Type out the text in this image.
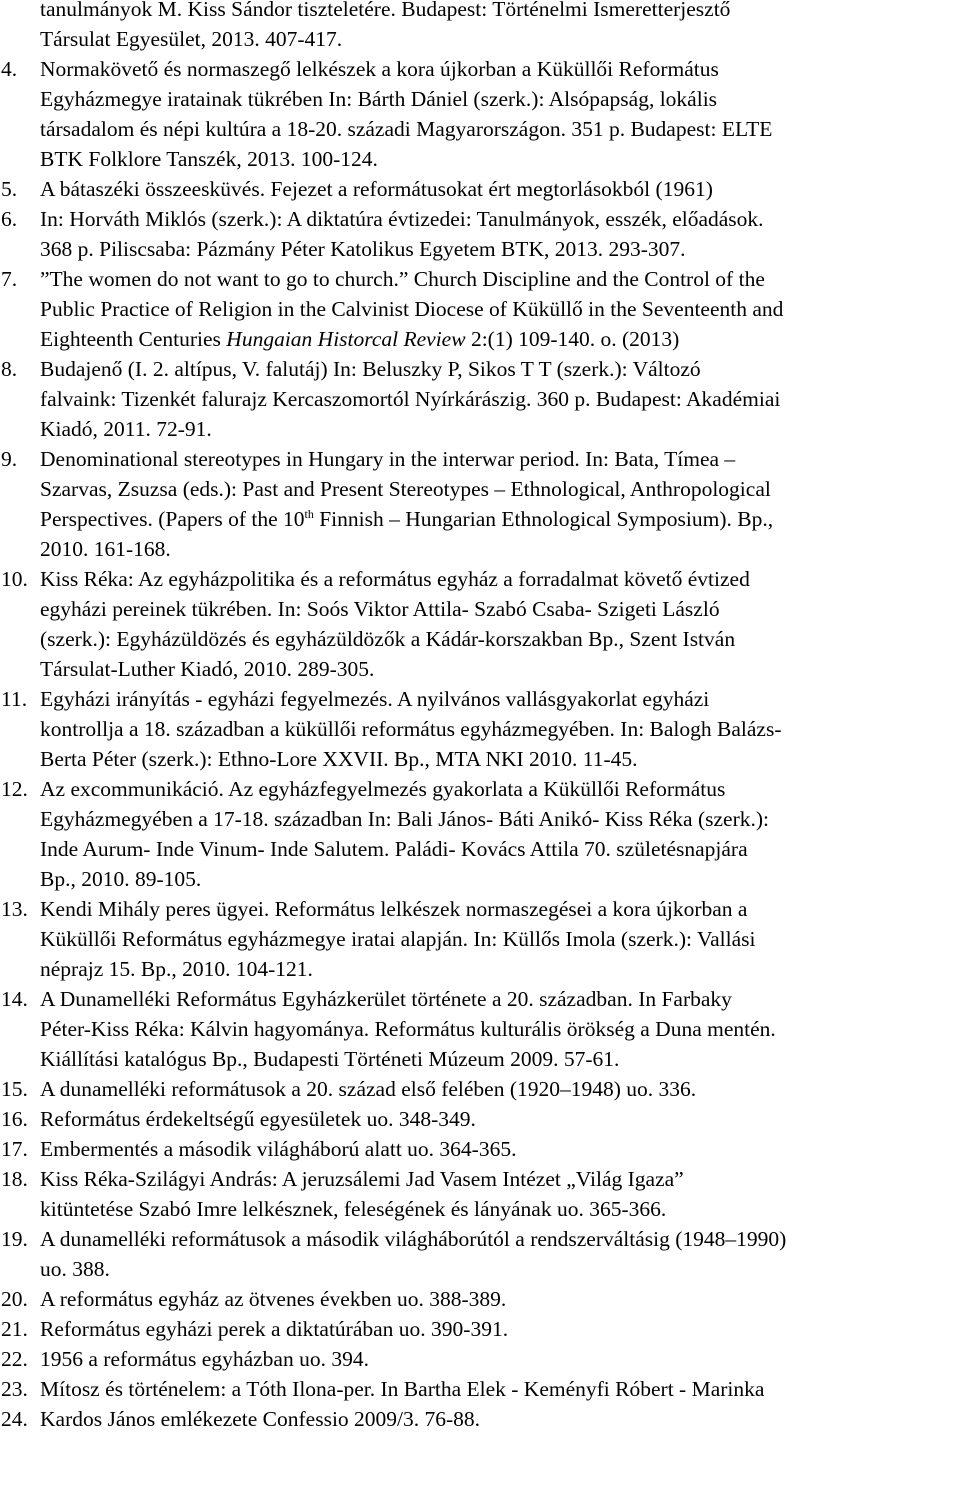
tanulmányok M. Kiss Sándor tiszteletére. Budapest: Történelmi Ismeretterjesztő
Társulat Egyesület, 2013. 407-417.
4. Normakövető és normaszegő lelkészek a kora újkorban a Küküllői Református
Egyházmegye iratainak tükrében In: Bárth Dániel (szerk.): Alsópapság, lokális
társadalom és népi kultúra a 18-20. századi Magyarországon. 351 p. Budapest: ELTE
BTK Folklore Tanszék, 2013. 100-124.
5. A bátaszéki összeesküvés. Fejezet a reformátusokat ért megtorlásokból (1961)
6. In: Horváth Miklós (szerk.): A diktatúra évtizedei: Tanulmányok, esszék, előadások.
368 p. Piliscsaba: Pázmány Péter Katolikus Egyetem BTK, 2013. 293-307.
7. ”The women do not want to go to church.” Church Discipline and the Control of the
Public Practice of Religion in the Calvinist Diocese of Küküllő in the Seventeenth and
Eighteenth Centuries Hungaian Historcal Review 2:(1) 109-140. o. (2013)
8. Budajenő (I. 2. altípus, V. falutáj) In: Beluszky P, Sikos T T (szerk.): Változó
falvaink: Tizenkét falurajz Kercaszomortól Nyírkárászig. 360 p. Budapest: Akadémiai
Kiadó, 2011. 72-91.
9. Denominational stereotypes in Hungary in the interwar period. In: Bata, Tímea –
Szarvas, Zsuzsa (eds.): Past and Present Stereotypes – Ethnological, Anthropological
Perspectives. (Papers of the 10th Finnish – Hungarian Ethnological Symposium). Bp.,
2010. 161-168.
10. Kiss Réka: Az egyházpolitika és a református egyház a forradalmat követő évtized
egyházi pereinek tükrében. In: Soós Viktor Attila- Szabó Csaba- Szigeti László
(szerk.): Egyházüldözés és egyházüldözők a Kádár-korszakban Bp., Szent István
Társulat-Luther Kiadó, 2010. 289-305.
11. Egyházi irányítás - egyházi fegyelmezés. A nyilvános vallásgyakorlat egyházi
kontrollja a 18. században a küküllői református egyházmegyében. In: Balogh Balázs-
Berta Péter (szerk.): Ethno-Lore XXVII. Bp., MTA NKI 2010. 11-45.
12. Az excommunikáció. Az egyházfegyelmezés gyakorlata a Küküllői Református
Egyházmegyében a 17-18. században In: Bali János- Báti Anikó- Kiss Réka (szerk.):
Inde Aurum- Inde Vinum- Inde Salutem. Paládi- Kovács Attila 70. születésnapjára
Bp., 2010. 89-105.
13. Kendi Mihály peres ügyei. Református lelkészek normaszegései a kora újkorban a
Küküllői Református egyházmegye iratai alapján. In: Küllős Imola (szerk.): Vallási
néprajz 15. Bp., 2010. 104-121.
14. A Dunamelléki Református Egyházkerület története a 20. században. In Farbaky
Péter-Kiss Réka: Kálvin hagyománya. Református kulturális örökség a Duna mentén.
Kiállítási katalógus Bp., Budapesti Történeti Múzeum 2009. 57-61.
15. A dunamelléki reformátusok a 20. század első felében (1920–1948) uo. 336.
16. Református érdekeltségű egyesületek uo. 348-349.
17. Embermentés a második világháború alatt uo. 364-365.
18. Kiss Réka-Szilágyi András: A jeruzsálemi Jad Vasem Intézet „Világ Igaza”
kitüntetése Szabó Imre lelkésznek, feleségének és lányának uo. 365-366.
19. A dunamelléki reformátusok a második világháborútól a rendszerváltásig (1948–1990)
uo. 388.
20. A református egyház az ötvenes években uo. 388-389.
21. Református egyházi perek a diktatúrában uo. 390-391.
22. 1956 a református egyházban uo. 394.
23. Mítosz és történelem: a Tóth Ilona-per. In Bartha Elek - Keményfi Róbert - Marinka
24. Kardos János emlékezete Confessio 2009/3. 76-88.
